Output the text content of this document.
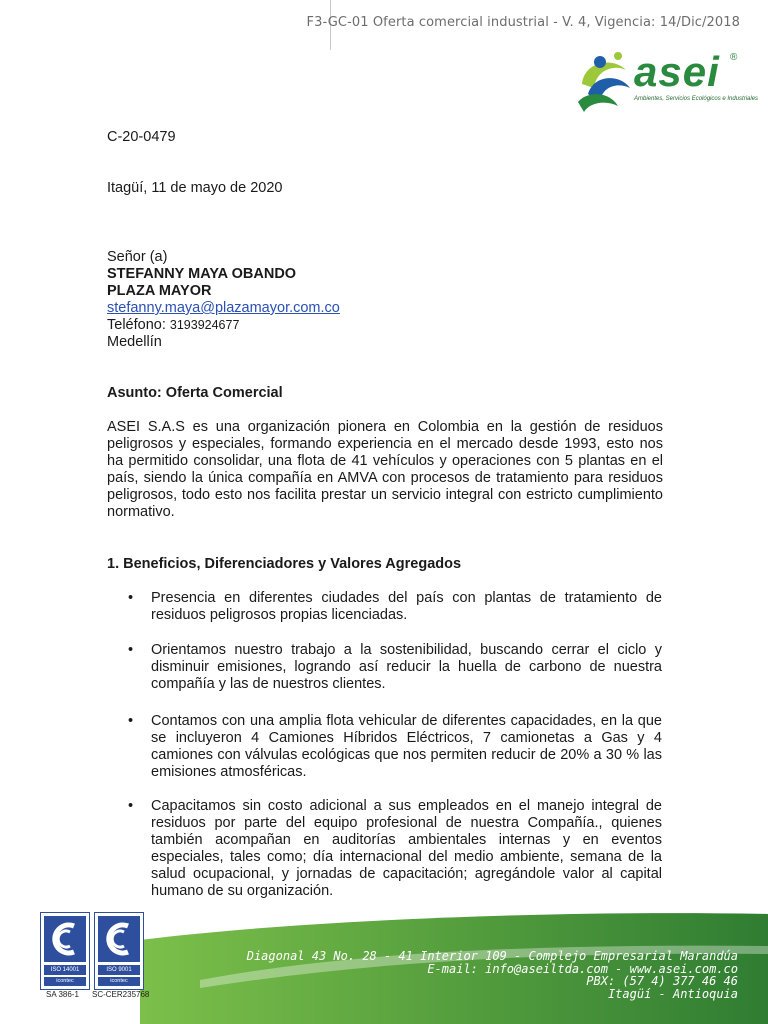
F3-GC-01 Oferta comercial industrial - V. 4, Vigencia: 14/Dic/2018
asei ®
Ambientes, Servicios Ecológicos e Industriales
C-20-0479
Itagüí, 11 de mayo de 2020
Señor (a)
STEFANNY MAYA OBANDO
PLAZA MAYOR
stefanny.maya@plazamayor.com.co
Teléfono: 3193924677
Medellín
Asunto: Oferta Comercial
ASEI S.A.S es una organización pionera en Colombia en la gestión de residuos peligrosos y especiales, formando experiencia en el mercado desde 1993, esto nos ha permitido consolidar, una flota de 41 vehículos y operaciones con 5 plantas en el país, siendo la única compañía en AMVA con procesos de tratamiento para residuos peligrosos, todo esto nos facilita prestar un servicio integral con estricto cumplimiento normativo.
1. Beneficios, Diferenciadores y Valores Agregados
• Presencia en diferentes ciudades del país con plantas de tratamiento de residuos peligrosos propias licenciadas.
• Orientamos nuestro trabajo a la sostenibilidad, buscando cerrar el ciclo y disminuir emisiones, logrando así reducir la huella de carbono de nuestra compañía y las de nuestros clientes.
• Contamos con una amplia flota vehicular de diferentes capacidades, en la que se incluyeron 4 Camiones Híbridos Eléctricos, 7 camionetas a Gas y 4 camiones con válvulas ecológicas que nos permiten reducir de 20% a 30 % las emisiones atmosféricas.
• Capacitamos sin costo adicional a sus empleados en el manejo integral de residuos por parte del equipo profesional de nuestra Compañía., quienes también acompañan en auditorías ambientales internas y en eventos especiales, tales como; día internacional del medio ambiente, semana de la salud ocupacional, y jornadas de capacitación; agregándole valor al capital humano de su organización.
Diagonal 43 No. 28 - 41 Interior 109 - Complejo Empresarial Marandúa
E-mail: info@aseiltda.com - www.asei.com.co
PBX: (57 4) 377 46 46
Itagüí - Antioquia
ISO 14001
icontec
ISO 9001
icontec
SA 386-1 SC-CER235768
